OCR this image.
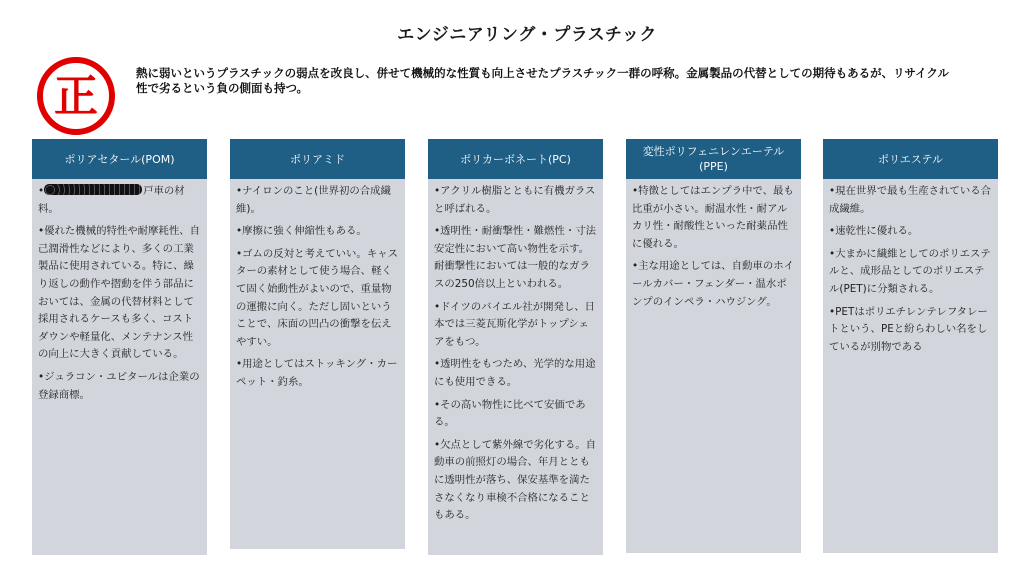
エンジニアリング・プラスチック
正	熱に弱いというプラスチックの弱点を改良し、併せて機械的な性質も向上させたプラスチック一群の呼称。金属製品の代替としての期待もあるが、リサイクル性で劣るという負の側面も持つ。
ポリアセタール(POM)
•	戸車の材料。
•優れた機械的特性や耐摩耗性、自己潤滑性などにより、多くの工業製品に使用されている。特に、繰り返しの動作や摺動を伴う部品においては、金属の代替材料として採用されるケースも多く、コストダウンや軽量化、メンテナンス性の向上に大きく貢献している。
•ジュラコン・ユピタールは企業の登録商標。
ポリアミド
•ナイロンのこと(世界初の合成繊維)。
•摩擦に強く伸縮性もある。
•ゴムの反対と考えていい。キャスターの素材として使う場合、軽くて固く始動性がよいので、重量物の運搬に向く。ただし固いということで、床面の凹凸の衝撃を伝えやすい。
•用途としてはストッキング・カーペット・釣糸。
ポリカーボネート(PC)
•アクリル樹脂とともに有機ガラスと呼ばれる。
•透明性・耐衝撃性・難燃性・寸法安定性において高い物性を示す。耐衝撃性においては一般的なガラスの250倍以上といわれる。
•ドイツのバイエル社が開発し、日本では三菱瓦斯化学がトップシェアをもつ。
•透明性をもつため、光学的な用途にも使用できる。
•その高い物性に比べて安価である。
•欠点として紫外線で劣化する。自動車の前照灯の場合、年月とともに透明性が落ち、保安基準を満たさなくなり車検不合格になることもある。
変性ポリフェニレンエーテル(PPE)
•特徴としてはエンプラ中で、最も比重が小さい。耐温水性・耐アルカリ性・耐酸性といった耐薬品性に優れる。
•主な用途としては、自動車のホイールカバー・フェンダー・温水ポンプのインペラ・ハウジング。
ポリエステル
•現在世界で最も生産されている合成繊維。
•速乾性に優れる。
•大まかに繊維としてのポリエステルと、成形品としてのポリエステル(PET)に分類される。
•PETはポリエチレンテレフタレートという、PEと紛らわしい名をしているが別物である
